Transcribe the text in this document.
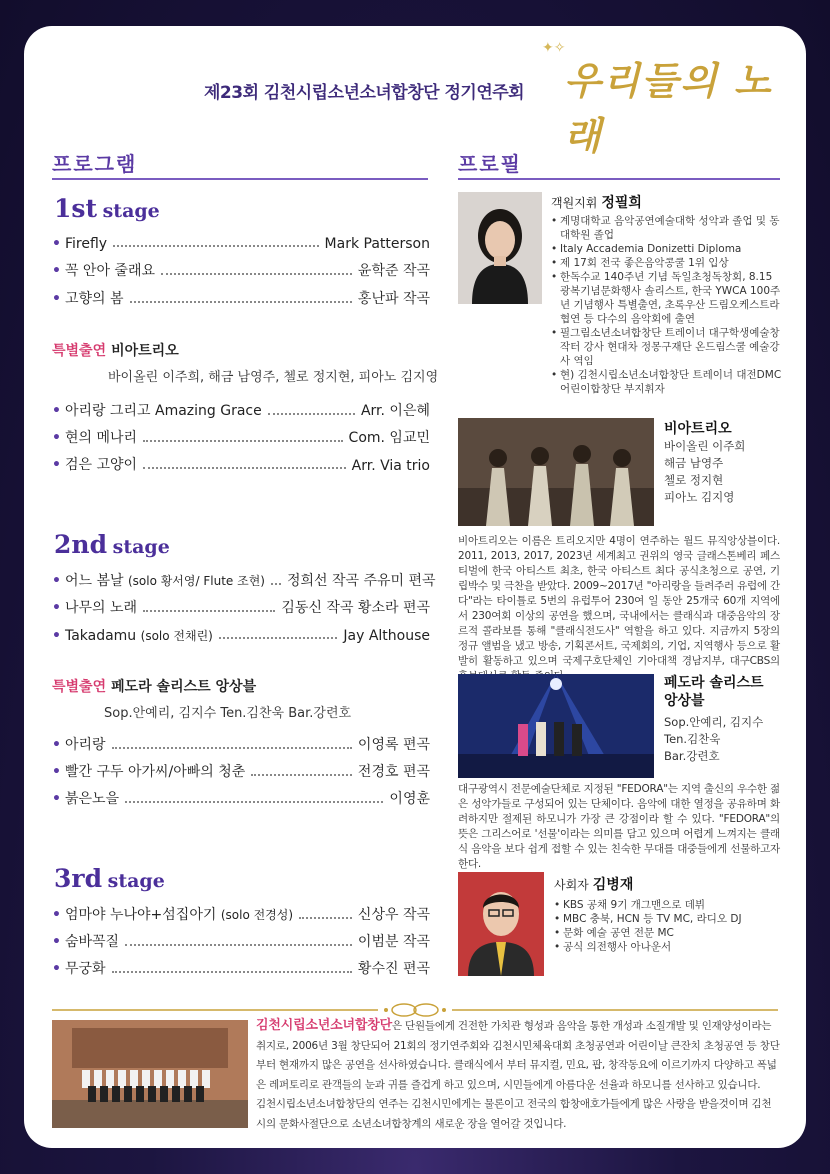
✦✧
제23회 김천시립소년소녀합창단 정기연주회 우리들의 노래
프로그램	프로필
1st stage
• Firefly	Mark Patterson
• 꼭 안아 줄래요	윤학준 작곡
• 고향의 봄	홍난파 작곡
특별출연 비아트리오
바이올린 이주희, 해금 남영주, 첼로 정지현, 피아노 김지영
• 아리랑 그리고 Amazing Grace	Arr. 이은혜
• 현의 메나리	Com. 임교민
• 검은 고양이	Arr. Via trio
2nd stage
• 어느 봄날 (solo 황서영/ Flute 조현) 정희선 작곡 주유미 편곡
• 나무의 노래	김동신 작곡 황소라 편곡
• Takadamu (solo 전채린)	Jay Althouse
특별출연 페도라 솔리스트 앙상블
Sop.안예리, 김지수 Ten.김찬욱 Bar.강련호
• 아리랑	이영록 편곡
• 빨간 구두 아가씨/아빠의 청춘	전경호 편곡
• 붉은노을	이영훈
3rd stage
• 엄마야 누나야+섬집아기 (solo 전경성)	신상우 작곡
• 숨바꼭질	이범분 작곡
• 무궁화	황수진 편곡
객원지휘 정필희
• 계명대학교 음악공연예술대학 성악과 졸업 및 동대학원 졸업
• Italy Accademia Donizetti Diploma
• 제 17회 전국 좋은음악콩쿨 1위 입상
• 한독수교 140주년 기념 독일초청독창회, 8.15 광복기념문화행사 솔리스트, 한국 YWCA 100주년 기념행사 특별출연, 초록우산 드림오케스트라 협연 등 다수의 음악회에 출연
• 필그림소년소녀합창단 트레이너 대구학생예술창작터 강사 현대차 정몽구재단 온드림스쿨 예술강사 역임
• 현) 김천시립소년소녀합창단 트레이너 대전DMC어린이합창단 부지휘자
비아트리오
바이올린 이주희
해금 남영주
첼로 정지현
피아노 김지영
비아트리오는 이름은 트리오지만 4명이 연주하는 월드 뮤직앙상블이다. 2011, 2013, 2017, 2023년 세계최고 권위의 영국 글래스톤베리 페스티벌에 한국 아티스트 최초, 한국 아티스트 최다 공식초청으로 공연, 기립박수 및 극찬을 받았다. 2009~2017년 "아리랑을 들려주러 유럽에 간다"라는 타이틀로 5번의 유럽투어 230여 일 동안 25개국 60개 지역에서 230여회 이상의 공연을 했으며, 국내에서는 클래식과 대중음악의 장르적 콜라보를 통해 "클래식전도사" 역할을 하고 있다. 지금까지 5장의 정규 앨범을 냈고 방송, 기획콘서트, 국제회의, 기업, 지역행사 등으로 활발히 활동하고 있으며 국제구호단체인 기아대책 경남지부, 대구CBS의
페도라 솔리스트
앙상블
Sop.안예리, 김지수
Ten.김찬욱
Bar.강련호
대구광역시 전문예술단체로 지정된 "FEDORA"는 지역 출신의 우수한 젊은 성악가들로 구성되어 있는 단체이다. 음악에 대한 열정을 공유하며 화려하지만 절제된 하모니가 가장 큰 강점이라 할 수 있다. "FEDORA"의 뜻은 그리스어로 '선물'이라는 의미를 담고 있으며 어렵게 느껴지는 클래식 음악을 보다 쉽게 접할 수 있는 친숙한 무대를 대중들에게 선물하고자 한다.
사회자 김병재
• KBS 공채 9기 개그맨으로 데뷔
• MBC 충북, HCN 등 TV MC, 라디오 DJ
• 문화 예술 공연 전문 MC
• 공식 의전행사 아나운서
김천시립소년소녀합창단은 단원들에게 건전한 가치관 형성과 음악을 통한 개성과 소질개발 및 인재양성이라는 취지로, 2006년 3월 창단되어 21회의 정기연주회와 김천시민체육대회 초청공연과 어린이날 큰잔치 초청공연 등 창단부터 현재까지 많은 공연을 선사하였습니다. 클래식에서 부터 뮤지컬, 민요, 팝, 창작동요에 이르기까지 다양하고 폭넓은 레퍼토리로 관객들의 눈과 귀를 즐겁게 하고 있으며, 시민들에게 아름다운 선율과 하모니를 선사하고 있습니다.
김천시립소년소녀합창단의 연주는 김천시민에게는 물론이고 전국의 합창애호가들에게 많은 사랑을 받을것이며 김천시의 문화사절단으로 소년소녀합창계의 새로운 장을 열어갈 것입니다.
